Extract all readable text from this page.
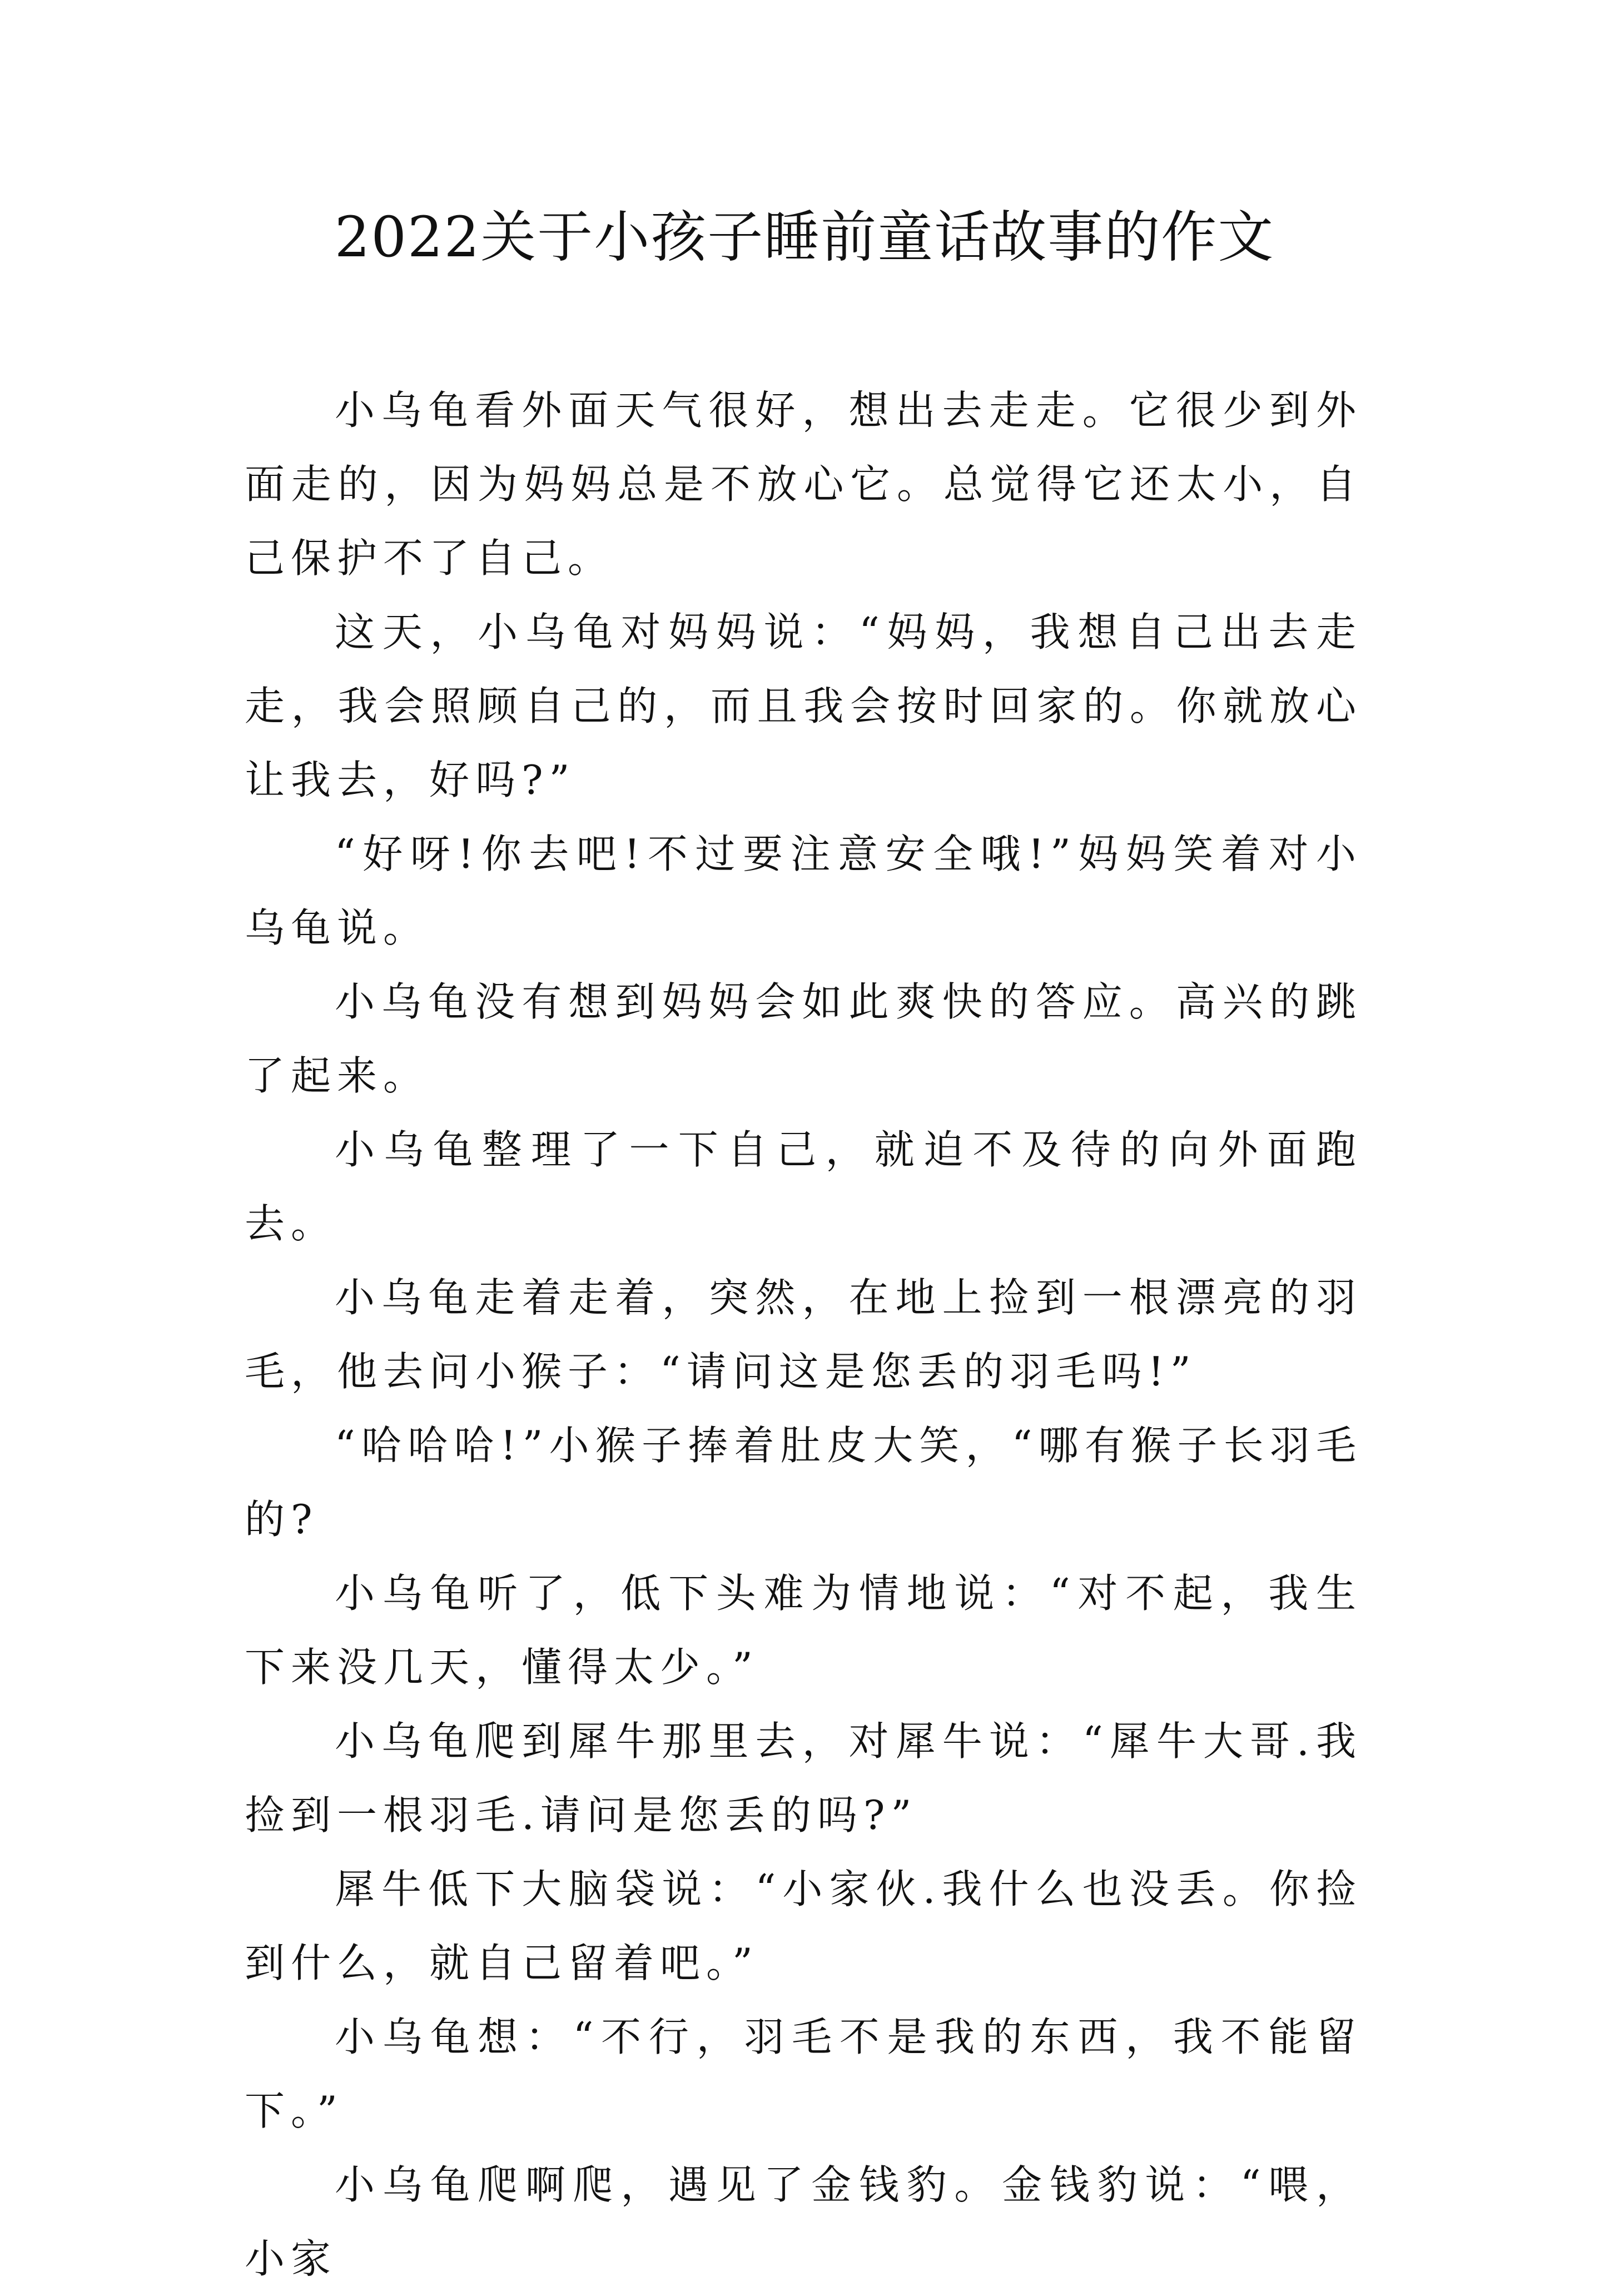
2022关于小孩子睡前童话故事的作文

小乌龟看外面天气很好，想出去走走。它很少到外面走的，因为妈妈总是不放心它。总觉得它还太小，自己保护不了自己。

这天，小乌龟对妈妈说：“妈妈，我想自己出去走走，我会照顾自己的，而且我会按时回家的。你就放心让我去，好吗?”

“好呀!你去吧!不过要注意安全哦!”妈妈笑着对小乌龟说。

小乌龟没有想到妈妈会如此爽快的答应。高兴的跳了起来。

小乌龟整理了一下自己，就迫不及待的向外面跑去。

小乌龟走着走着，突然，在地上捡到一根漂亮的羽毛，他去问小猴子：“请问这是您丢的羽毛吗!”

“哈哈哈!”小猴子捧着肚皮大笑，“哪有猴子长羽毛的?

小乌龟听了，低下头难为情地说：“对不起，我生下来没几天，懂得太少。”

小乌龟爬到犀牛那里去，对犀牛说：“犀牛大哥.我捡到一根羽毛.请问是您丢的吗?”

犀牛低下大脑袋说：“小家伙.我什么也没丢。你捡到什么，就自己留着吧。”

小乌龟想：“不行，羽毛不是我的东西，我不能留下。”

小乌龟爬啊爬，遇见了金钱豹。金钱豹说：“喂，小家
